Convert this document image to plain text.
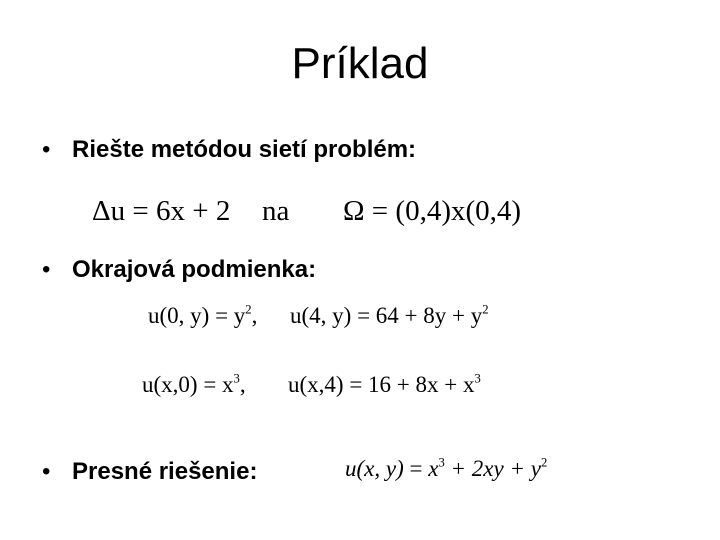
Príklad
• Riešte metódou sietí problém:
Δu = 6x + 2 na Ω = (0,4)x(0,4)
• Okrajová podmienka:
u(0, $y) = y^2$, u(4, $y) = 64 + 8y + y^2$
$u(x,0) = x^3$, $u(x,4) = 16 + 8x + x^3$
• Presné riešenie:	u(x, $y) = x^3 + 2xy + y^2$
